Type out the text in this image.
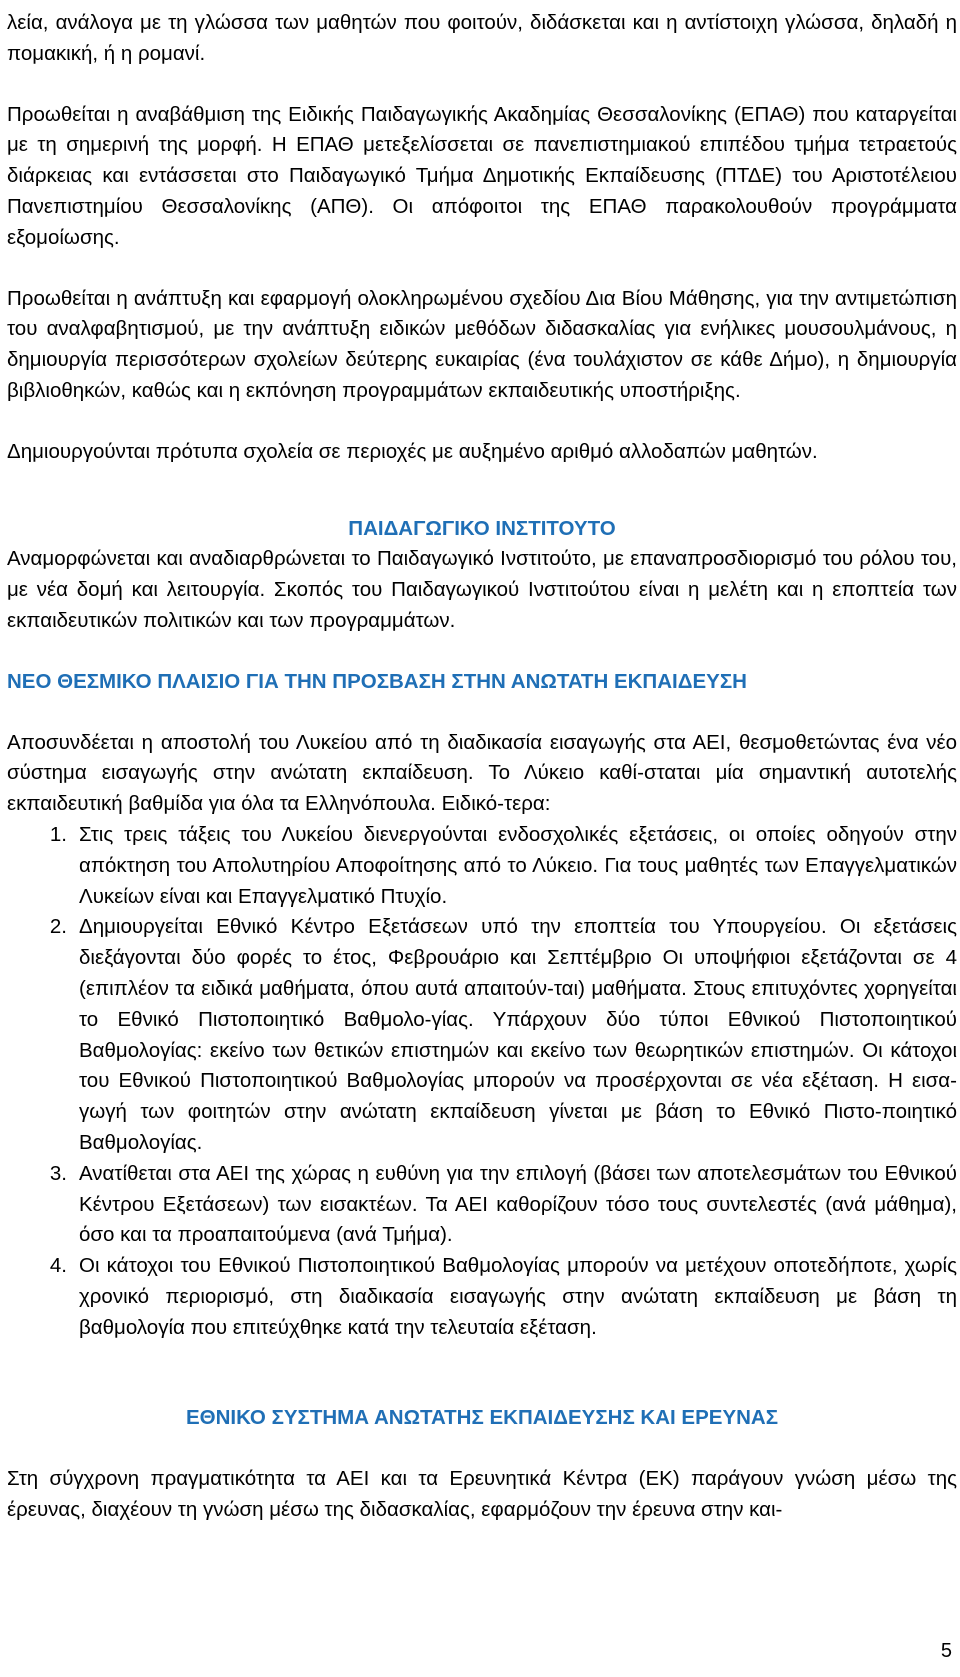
λεία, ανάλογα με τη γλώσσα των μαθητών που φοιτούν, διδάσκεται και η αντίστοιχη γλώσσα, δηλαδή η πομακική, ή η ρομανί.

Προωθείται η αναβάθμιση της Ειδικής Παιδαγωγικής Ακαδημίας Θεσσαλονίκης (ΕΠΑΘ) που καταργείται με τη σημερινή της μορφή. Η ΕΠΑΘ μετεξελίσσεται σε πανεπιστημιακού επιπέδου τμήμα τετραετούς διάρκειας και εντάσσεται στο Παιδαγωγικό Τμήμα Δημοτικής Εκπαίδευσης (ΠΤΔΕ) του Αριστοτέλειου Πανεπιστημίου Θεσσαλονίκης (ΑΠΘ). Οι απόφοιτοι της ΕΠΑΘ παρακολουθούν προγράμματα εξομοίωσης.

Προωθείται η ανάπτυξη και εφαρμογή ολοκληρωμένου σχεδίου Δια Βίου Μάθησης, για την αντιμετώπιση του αναλφαβητισμού, με την ανάπτυξη ειδικών μεθόδων διδασκαλίας για ενήλικες μουσουλμάνους, η δημιουργία περισσότερων σχολείων δεύτερης ευκαιρίας (ένα τουλάχιστον σε κάθε Δήμο), η δημιουργία βιβλιοθηκών, καθώς και η εκπόνηση προγραμμάτων εκπαιδευτικής υποστήριξης.

Δημιουργούνται πρότυπα σχολεία σε περιοχές με αυξημένο αριθμό αλλοδαπών μαθητών.

ΠΑΙΔΑΓΩΓΙΚΟ ΙΝΣΤΙΤΟΥΤΟ

Αναμορφώνεται και αναδιαρθρώνεται το Παιδαγωγικό Ινστιτούτο, με επαναπροσδιορισμό του ρόλου του, με νέα δομή και λειτουργία. Σκοπός του Παιδαγωγικού Ινστιτούτου είναι η μελέτη και η εποπτεία των εκπαιδευτικών πολιτικών και των προγραμμάτων.

ΝΕΟ ΘΕΣΜΙΚΟ ΠΛΑΙΣΙΟ ΓΙΑ ΤΗΝ ΠΡΟΣΒΑΣΗ ΣΤΗΝ ΑΝΩΤΑΤΗ ΕΚΠΑΙΔΕΥΣΗ

Αποσυνδέεται η αποστολή του Λυκείου από τη διαδικασία εισαγωγής στα ΑΕΙ, θεσμοθετώντας ένα νέο σύστημα εισαγωγής στην ανώτατη εκπαίδευση. Το Λύκειο καθί-σταται μία σημαντική αυτοτελής εκπαιδευτική βαθμίδα για όλα τα Ελληνόπουλα. Ειδικό-τερα:

1. Στις τρεις τάξεις του Λυκείου διενεργούνται ενδοσχολικές εξετάσεις, οι οποίες οδηγούν στην απόκτηση του Απολυτηρίου Αποφοίτησης από το Λύκειο. Για τους μαθητές των Επαγγελματικών Λυκείων είναι και Επαγγελματικό Πτυχίο.
2. Δημιουργείται Εθνικό Κέντρο Εξετάσεων υπό την εποπτεία του Υπουργείου. Οι εξετάσεις διεξάγονται δύο φορές το έτος, Φεβρουάριο και Σεπτέμβριο Οι υποψήφιοι εξετάζονται σε 4 (επιπλέον τα ειδικά μαθήματα, όπου αυτά απαιτούν-ται) μαθήματα. Στους επιτυχόντες χορηγείται το Εθνικό Πιστοποιητικό Βαθμολο-γίας. Υπάρχουν δύο τύποι Εθνικού Πιστοποιητικού Βαθμολογίας: εκείνο των θετικών επιστημών και εκείνο των θεωρητικών επιστημών. Οι κάτοχοι του Εθνικού Πιστοποιητικού Βαθμολογίας μπορούν να προσέρχονται σε νέα εξέταση. Η εισα-γωγή των φοιτητών στην ανώτατη εκπαίδευση γίνεται με βάση το Εθνικό Πιστο-ποιητικό Βαθμολογίας.
3. Ανατίθεται στα ΑΕΙ της χώρας η ευθύνη για την επιλογή (βάσει των αποτελεσμάτων του Εθνικού Κέντρου Εξετάσεων) των εισακτέων. Τα ΑΕΙ καθορίζουν τόσο τους συντελεστές (ανά μάθημα), όσο και τα προαπαιτούμενα (ανά Τμήμα).
4. Οι κάτοχοι του Εθνικού Πιστοποιητικού Βαθμολογίας μπορούν να μετέχουν οποτεδήποτε, χωρίς χρονικό περιορισμό, στη διαδικασία εισαγωγής στην ανώτατη εκπαίδευση με βάση τη βαθμολογία που επιτεύχθηκε κατά την τελευταία εξέταση.
ΕΘΝΙΚΟ ΣΥΣΤΗΜΑ ΑΝΩΤΑΤΗΣ ΕΚΠΑΙΔΕΥΣΗΣ ΚΑΙ ΕΡΕΥΝΑΣ

Στη σύγχρονη πραγματικότητα τα ΑΕΙ και τα Ερευνητικά Κέντρα (ΕΚ) παράγουν γνώση μέσω της έρευνας, διαχέουν τη γνώση μέσω της διδασκαλίας, εφαρμόζουν την έρευνα στην και-

5
